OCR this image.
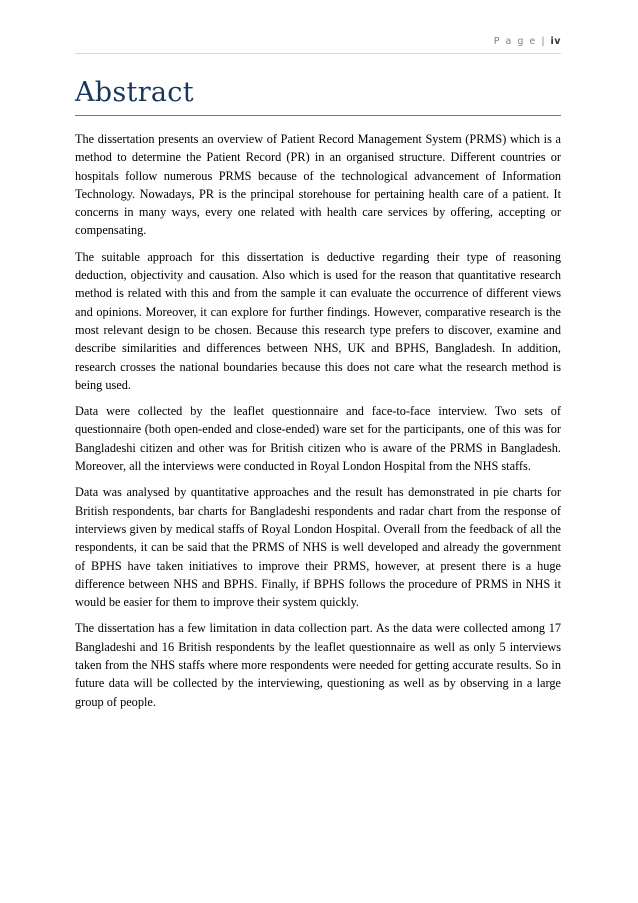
P a g e | iv
Abstract

The dissertation presents an overview of Patient Record Management System (PRMS) which is a method to determine the Patient Record (PR) in an organised structure. Different countries or hospitals follow numerous PRMS because of the technological advancement of Information Technology. Nowadays, PR is the principal storehouse for pertaining health care of a patient. It concerns in many ways, every one related with health care services by offering, accepting or compensating.

The suitable approach for this dissertation is deductive regarding their type of reasoning deduction, objectivity and causation. Also which is used for the reason that quantitative research method is related with this and from the sample it can evaluate the occurrence of different views and opinions. Moreover, it can explore for further findings. However, comparative research is the most relevant design to be chosen. Because this research type prefers to discover, examine and describe similarities and differences between NHS, UK and BPHS, Bangladesh. In addition, research crosses the national boundaries because this does not care what the research method is being used.

Data were collected by the leaflet questionnaire and face-to-face interview. Two sets of questionnaire (both open-ended and close-ended) ware set for the participants, one of this was for Bangladeshi citizen and other was for British citizen who is aware of the PRMS in Bangladesh. Moreover, all the interviews were conducted in Royal London Hospital from the NHS staffs.

Data was analysed by quantitative approaches and the result has demonstrated in pie charts for British respondents, bar charts for Bangladeshi respondents and radar chart from the response of interviews given by medical staffs of Royal London Hospital. Overall from the feedback of all the respondents, it can be said that the PRMS of NHS is well developed and already the government of BPHS have taken initiatives to improve their PRMS, however, at present there is a huge difference between NHS and BPHS. Finally, if BPHS follows the procedure of PRMS in NHS it would be easier for them to improve their system quickly.

The dissertation has a few limitation in data collection part. As the data were collected among 17 Bangladeshi and 16 British respondents by the leaflet questionnaire as well as only 5 interviews taken from the NHS staffs where more respondents were needed for getting accurate results. So in future data will be collected by the interviewing, questioning as well as by observing in a large group of people.
